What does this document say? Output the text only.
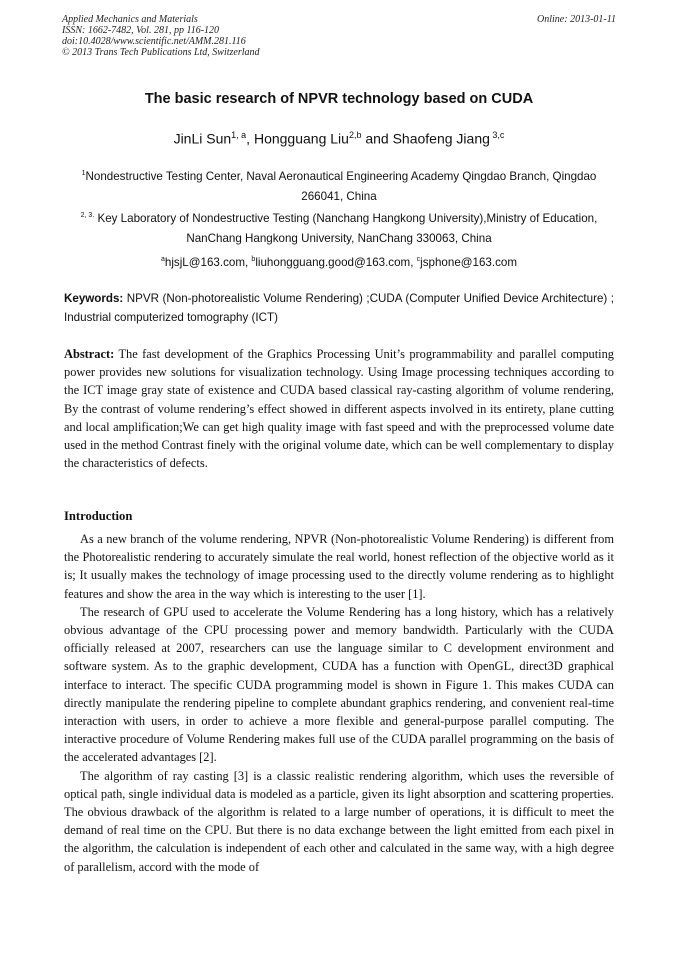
Applied Mechanics and Materials
ISSN: 1662-7482, Vol. 281, pp 116-120
doi:10.4028/www.scientific.net/AMM.281.116
© 2013 Trans Tech Publications Ltd, Switzerland
Online: 2013-01-11
The basic research of NPVR technology based on CUDA
JinLi Sun$^{1, a}$, Hongguang Liu$^{2,b}$ and Shaofeng Jiang $^{3,c}$
$^1$Nondestructive Testing Center, Naval Aeronautical Engineering Academy Qingdao Branch, Qingdao 266041, China
$^{2, 3.}$ Key Laboratory of Nondestructive Testing (Nanchang Hangkong University),Ministry of Education, NanChang Hangkong University, NanChang 330063, China
$^a$hjsjL@163.com, $^b$liuhongguang.good@163.com, $^c$jsphone@163.com
Keywords: NPVR (Non-photorealistic Volume Rendering) ;CUDA (Computer Unified Device Architecture) ; Industrial computerized tomography (ICT)

Abstract: The fast development of the Graphics Processing Unit’s programmability and parallel computing power provides new solutions for visualization technology. Using Image processing techniques according to the ICT image gray state of existence and CUDA based classical ray-casting algorithm of volume rendering, By the contrast of volume rendering’s effect showed in different aspects involved in its entirety, plane cutting and local amplification;We can get high quality image with fast speed and with the preprocessed volume date used in the method Contrast finely with the original volume date, which can be well complementary to display the characteristics of defects.

Introduction

As a new branch of the volume rendering, NPVR (Non-photorealistic Volume Rendering) is different from the Photorealistic rendering to accurately simulate the real world, honest reflection of the objective world as it is; It usually makes the technology of image processing used to the directly volume rendering as to highlight features and show the area in the way which is interesting to the user [1].

The research of GPU used to accelerate the Volume Rendering has a long history, which has a relatively obvious advantage of the CPU processing power and memory bandwidth. Particularly with the CUDA officially released at 2007, researchers can use the language similar to C development environment and software system. As to the graphic development, CUDA has a function with OpenGL, direct3D graphical interface to interact. The specific CUDA programming model is shown in Figure 1. This makes CUDA can directly manipulate the rendering pipeline to complete abundant graphics rendering, and convenient real-time interaction with users, in order to achieve a more flexible and general-purpose parallel computing. The interactive procedure of Volume Rendering makes full use of the CUDA parallel programming on the basis of the accelerated advantages [2].

The algorithm of ray casting [3] is a classic realistic rendering algorithm, which uses the reversible of optical path, single individual data is modeled as a particle, given its light absorption and scattering properties. The obvious drawback of the algorithm is related to a large number of operations, it is difficult to meet the demand of real time on the CPU. But there is no data exchange between the light emitted from each pixel in the algorithm, the calculation is independent of each other and calculated in the same way, with a high degree of parallelism, accord with the mode of
